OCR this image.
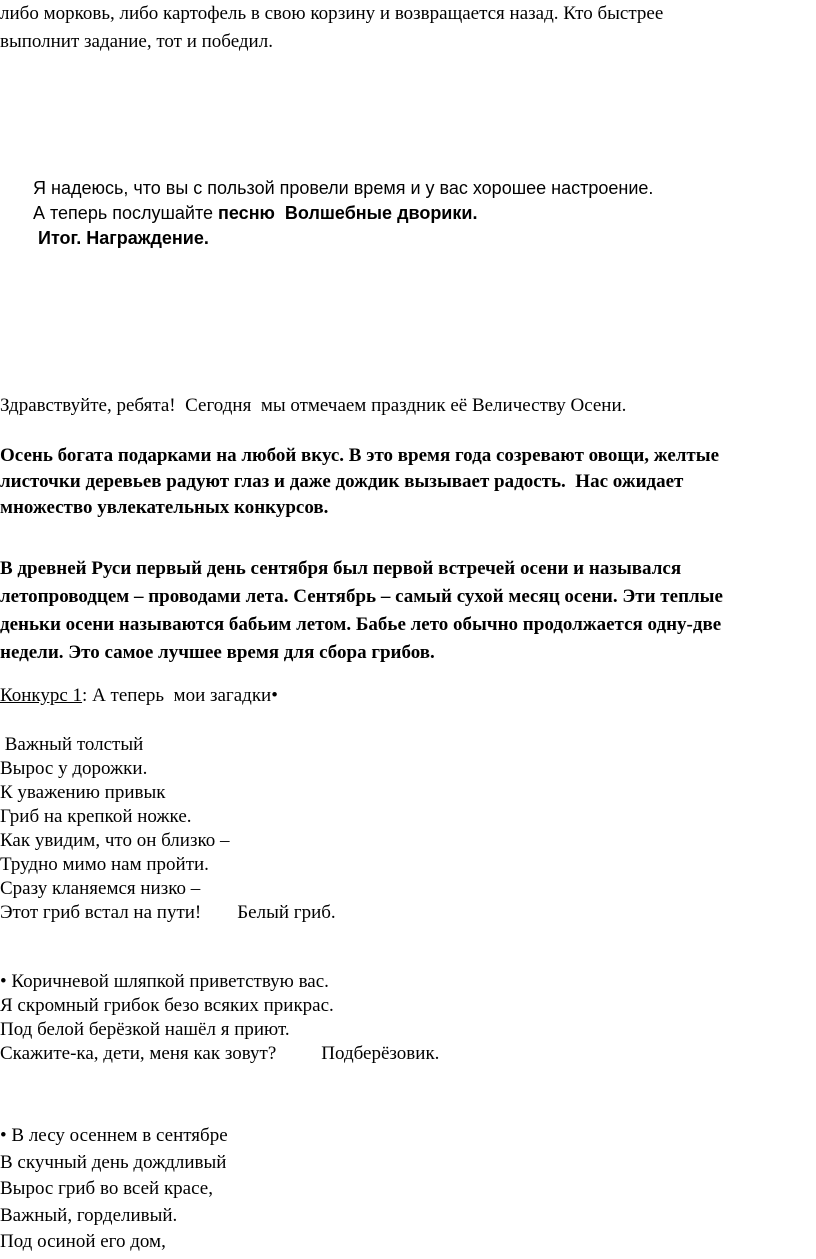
либо морковь, либо картофель в свою корзину и возвращается назад. Кто быстрее
выполнит задание, тот и победил.
Я надеюсь, что вы с пользой провели время и у вас хорошее настроение.
А теперь послушайте песню  Волшебные дворики.
Итог. Награждение.
Здравствуйте, ребята!  Сегодня  мы отмечаем праздник её Величеству Осени.
Осень богата подарками на любой вкус. В это время года созревают овощи, желтые
листочки деревьев радуют глаз и даже дождик вызывает радость.  Нас ожидает
множество увлекательных конкурсов.
В древней Руси первый день сентября был первой встречей осени и назывался
летопроводцем – проводами лета. Сентябрь – самый сухой месяц осени. Эти теплые
деньки осени называются бабьим летом. Бабье лето обычно продолжается одну-две
недели. Это самое лучшее время для сбора грибов.
Конкурс 1: А теперь  мои загадки•
Важный толстый
Вырос у дорожки.
К уважению привык
Гриб на крепкой ножке.
Как увидим, что он близко –
Трудно мимо нам пройти.
Сразу кланяемся низко –
Этот гриб встал на пути! Белый гриб.
• Коричневой шляпкой приветствую вас.
Я скромный грибок безо всяких прикрас.
Под белой берёзкой нашёл я приют.
Скажите-ка, дети, меня как зовут? Подберёзовик.
• В лесу осеннем в сентябре
В скучный день дождливый
Вырос гриб во всей красе,
Важный, горделивый.
Под осиной его дом,
